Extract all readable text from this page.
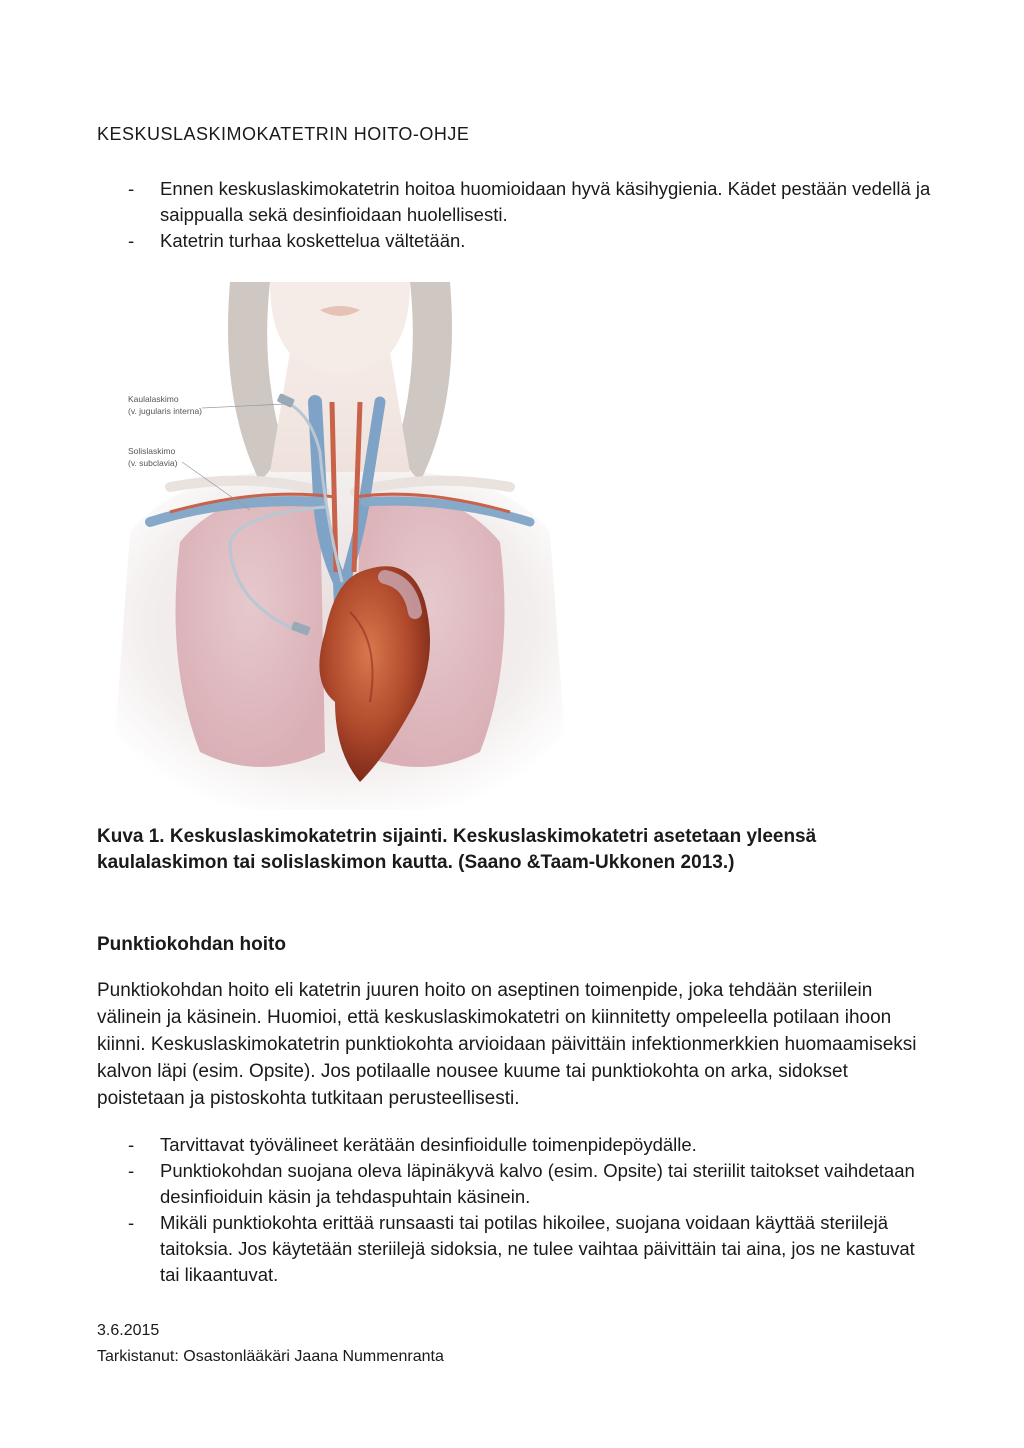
KESKUSLASKIMOKATETRIN HOITO-OHJE
- Ennen keskuslaskimokatetrin hoitoa huomioidaan hyvä käsihygienia. Kädet pestään vedellä ja saippualla sekä desinfioidaan huolellisesti.
- Katetrin turhaa koskettelua vältetään.
Kaulalaskimo
(v. jugularis interna)
Solislaskimo
(v. subclavia)

Kuva 1. Keskuslaskimokatetrin sijainti. Keskuslaskimokatetri asetetaan yleensä kaulalaskimon tai solislaskimon kautta. (Saano &Taam-Ukkonen 2013.)

Punktiokohdan hoito

Punktiokohdan hoito eli katetrin juuren hoito on aseptinen toimenpide, joka tehdään steriilein välinein ja käsinein. Huomioi, että keskuslaskimokatetri on kiinnitetty ompeleella potilaan ihoon kiinni. Keskuslaskimokatetrin punktiokohta arvioidaan päivittäin infektionmerkkien huomaamiseksi kalvon läpi (esim. Opsite). Jos potilaalle nousee kuume tai punktiokohta on arka, sidokset poistetaan ja pistoskohta tutkitaan perusteellisesti.

- Tarvittavat työvälineet kerätään desinfioidulle toimenpidepöydälle.
- Punktiokohdan suojana oleva läpinäkyvä kalvo (esim. Opsite) tai steriilit taitokset vaihdetaan desinfioiduin käsin ja tehdaspuhtain käsinein.
- Mikäli punktiokohta erittää runsaasti tai potilas hikoilee, suojana voidaan käyttää steriilejä taitoksia. Jos käytetään steriilejä sidoksia, ne tulee vaihtaa päivittäin tai aina, jos ne kastuvat tai likaantuvat.
3.6.2015
Tarkistanut: Osastonlääkäri Jaana Nummenranta
